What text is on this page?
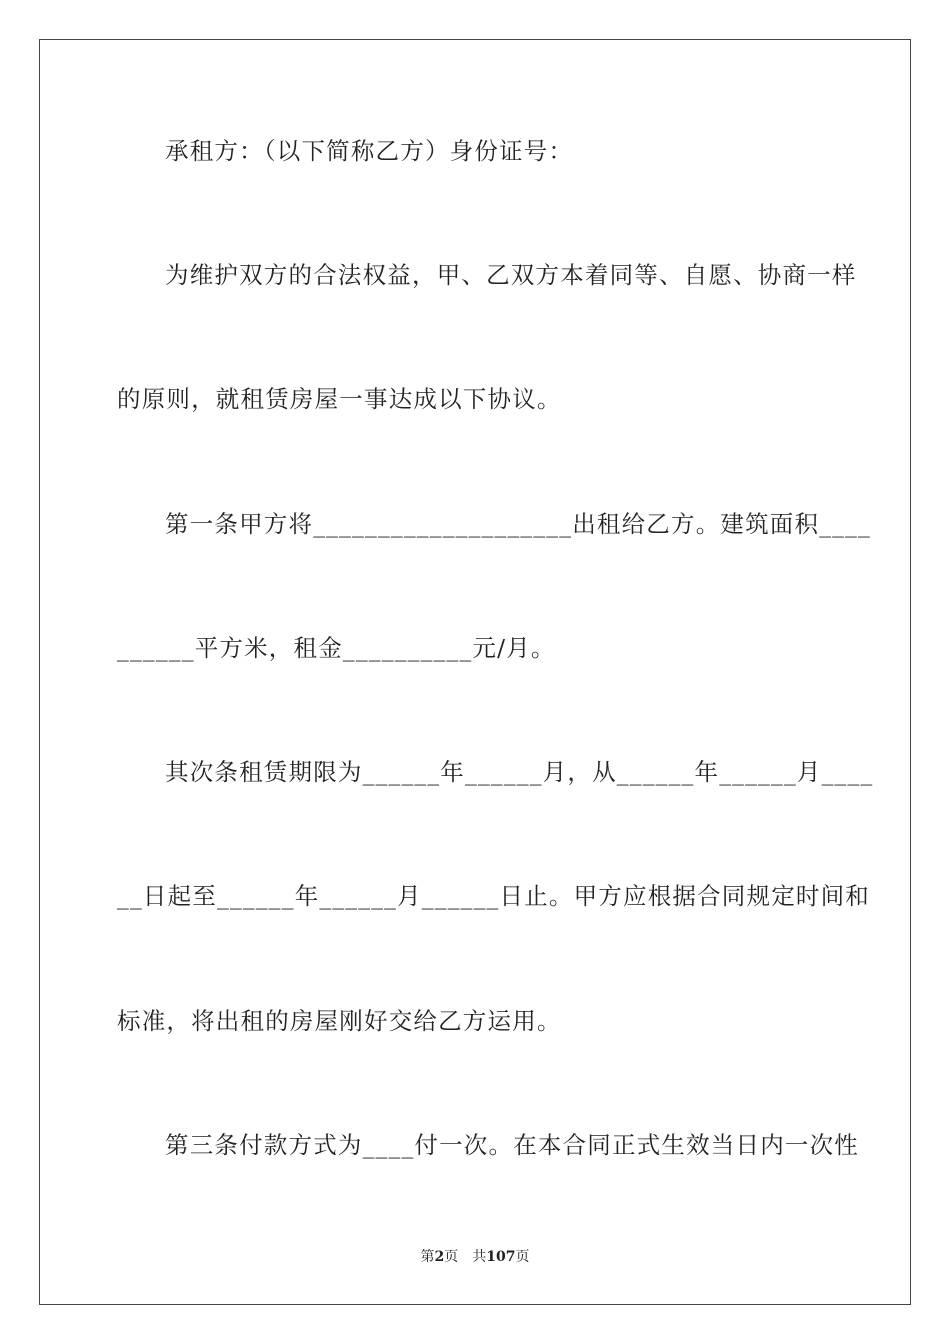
承租方：（以下简称乙方）身份证号：
为维护双方的合法权益，甲、乙双方本着同等、自愿、协商一样
的原则，就租赁房屋一事达成以下协议。
第一条甲方将____________________出租给乙方。建筑面积____
______平方米，租金__________元/月。
其次条租赁期限为______年______月，从______年______月____
__日起至______年______月______日止。甲方应根据合同规定时间和
标准，将出租的房屋刚好交给乙方运用。
第三条付款方式为____付一次。在本合同正式生效当日内一次性
第2页 共107页
